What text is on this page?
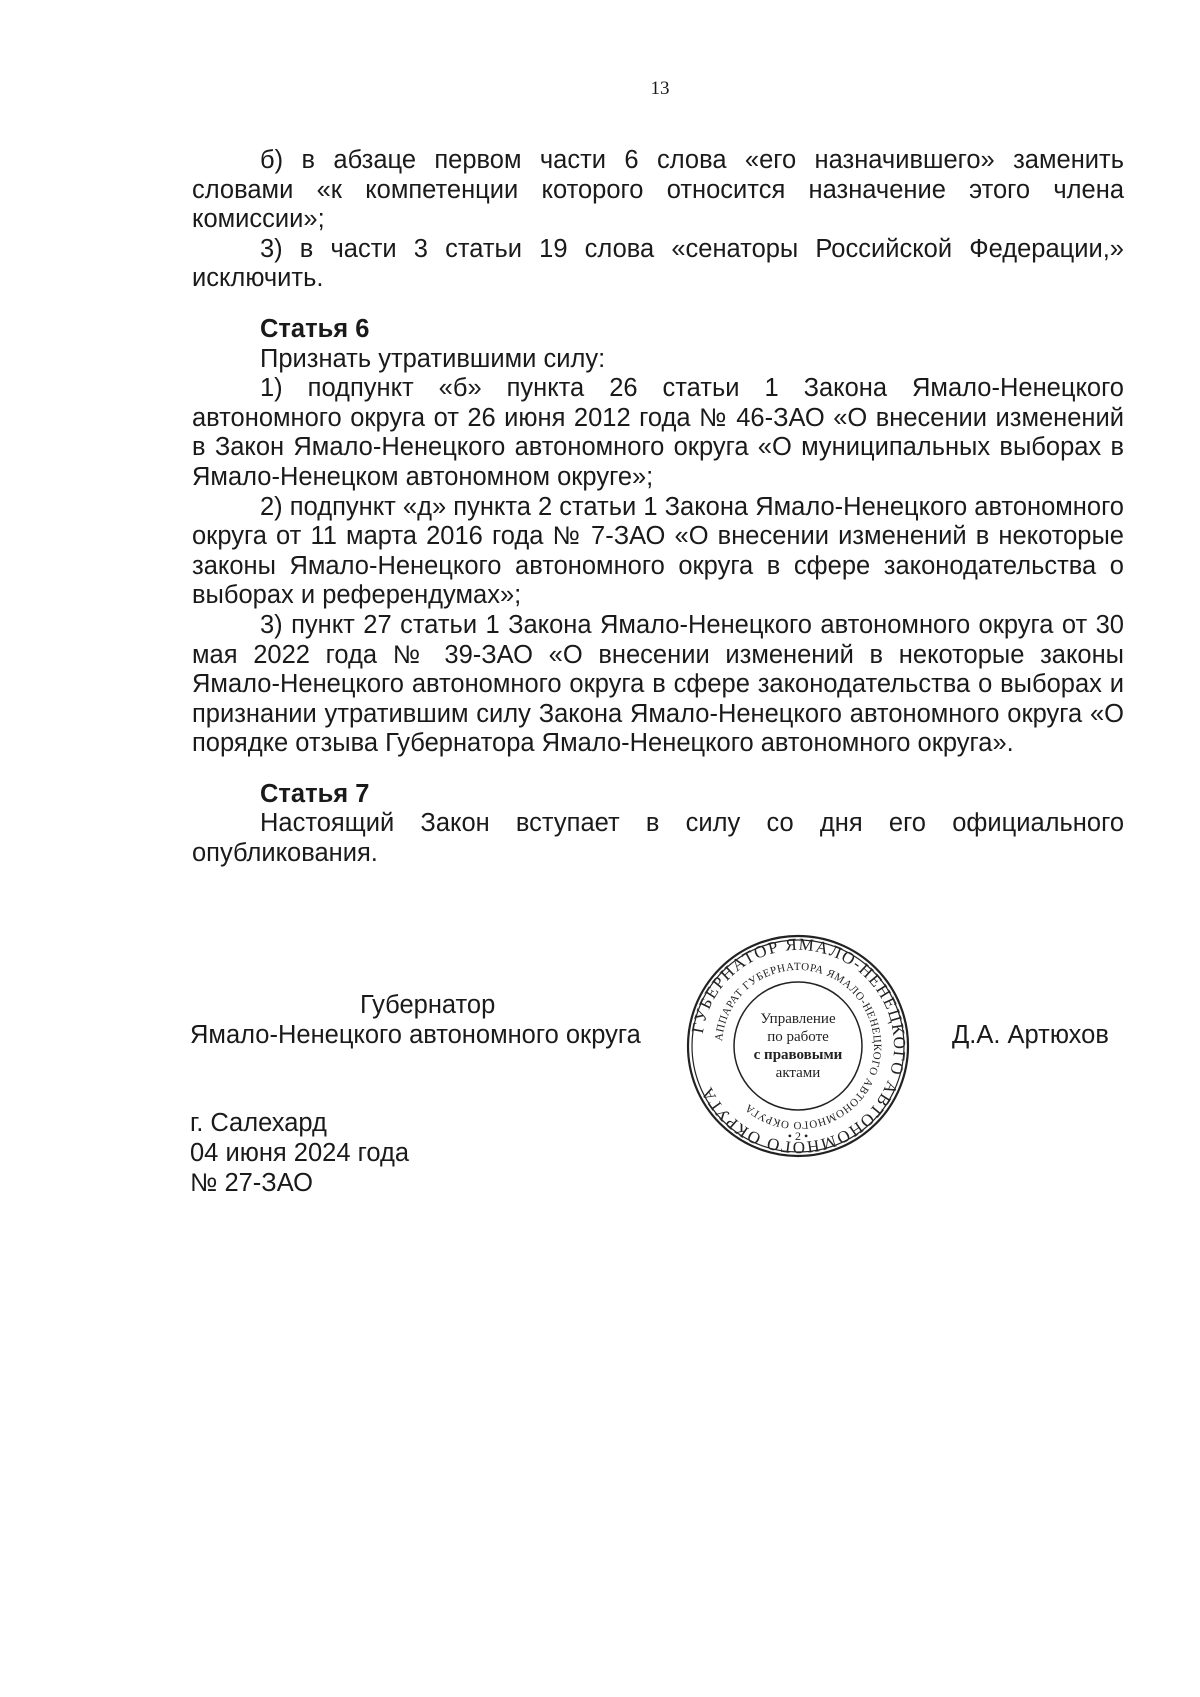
13

б) в абзаце первом части 6 слова «его назначившего» заменить словами «к компетенции которого относится назначение этого члена комиссии»;

3) в части 3 статьи 19 слова «сенаторы Российской Федерации,» исключить.

Статья 6

Признать утратившими силу:

1) подпункт «б» пункта 26 статьи 1 Закона Ямало-Ненецкого автономного округа от 26 июня 2012 года № 46-ЗАО «О внесении изменений в Закон Ямало-Ненецкого автономного округа «О муниципальных выборах в Ямало-Ненецком автономном округе»;

2) подпункт «д» пункта 2 статьи 1 Закона Ямало-Ненецкого автономного округа от 11 марта 2016 года № 7-ЗАО «О внесении изменений в некоторые законы Ямало-Ненецкого автономного округа в сфере законодательства о выборах и референдумах»;

3) пункт 27 статьи 1 Закона Ямало-Ненецкого автономного округа от 30 мая 2022 года № 39-ЗАО «О внесении изменений в некоторые законы Ямало-Ненецкого автономного округа в сфере законодательства о выборах и признании утратившим силу Закона Ямало-Ненецкого автономного округа «О порядке отзыва Губернатора Ямало-Ненецкого автономного округа».

Статья 7

Настоящий Закон вступает в силу со дня его официального опубликования.

Губернатор
Ямало-Ненецкого автономного округа	Д.А. Артюхов
г. Салехард
04 июня 2024 года
№ 27-ЗАО
ГУБЕРНАТОР ЯМАЛО-НЕНЕЦКОГО АВТОНОМНОГО ОКРУГА
АППАРАТ ГУБЕРНАТОРА ЯМАЛО-НЕНЕЦКОГО АВТОНОМНОГО ОКРУГА
• 2 •
Управление
по работе
с правовыми
актами
